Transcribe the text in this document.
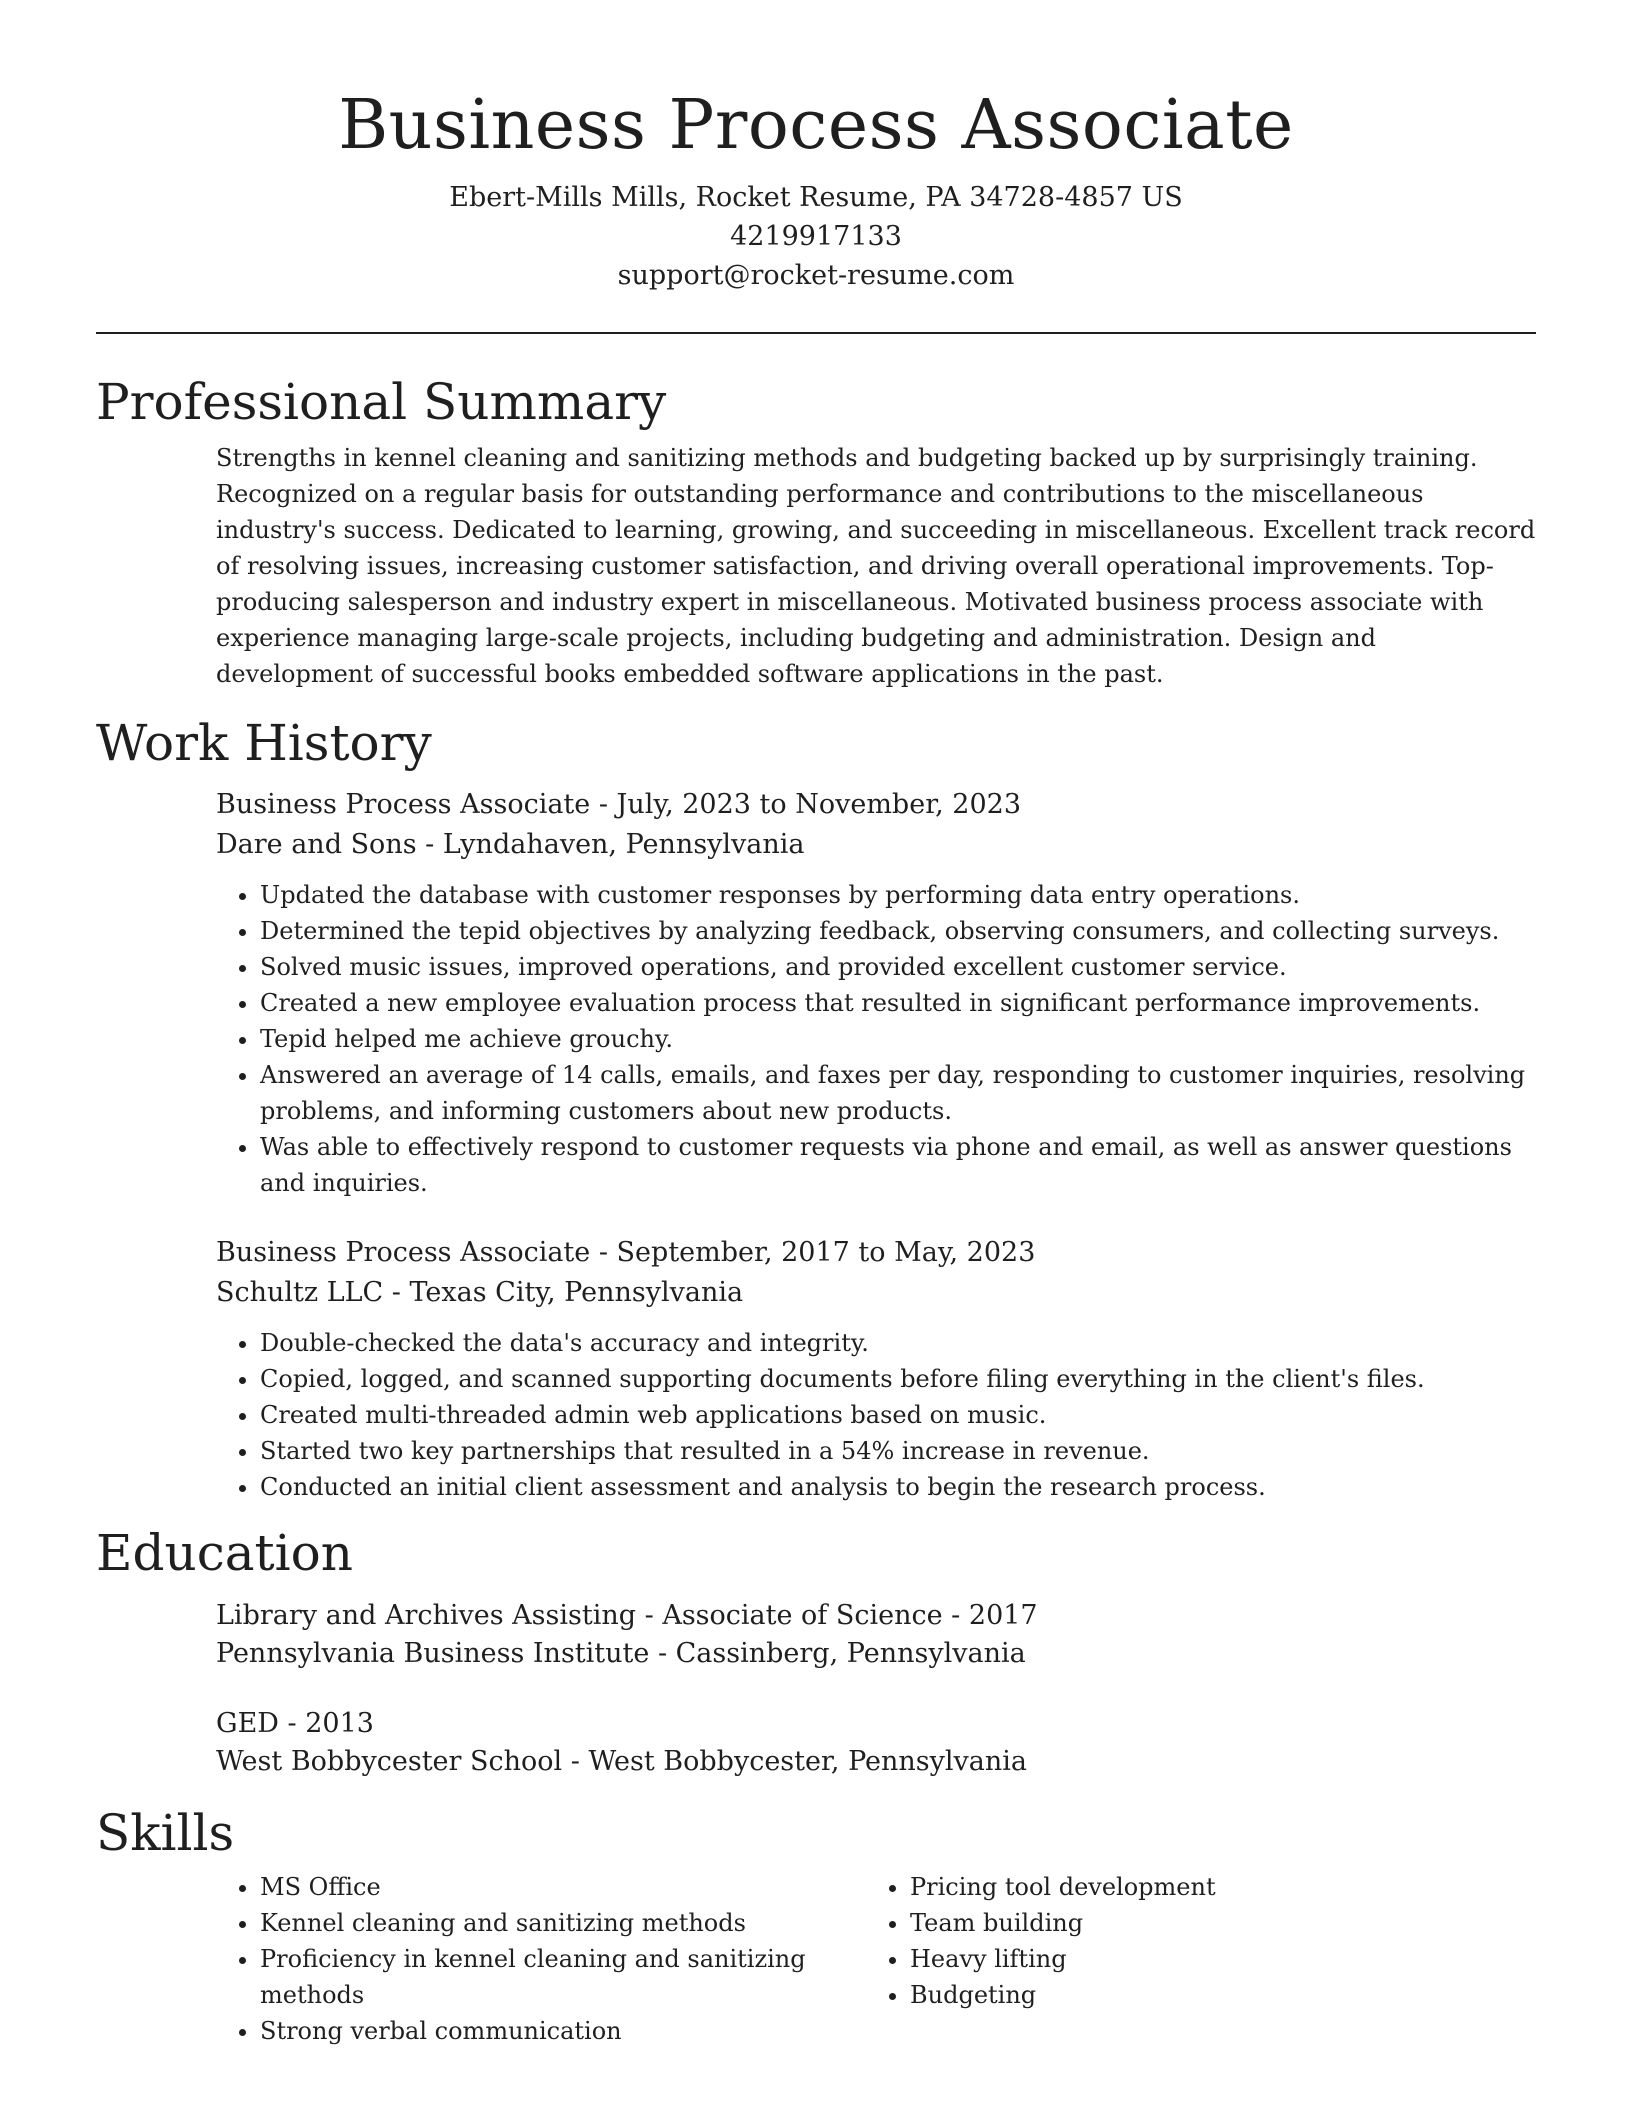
Business Process Associate
Ebert-Mills Mills, Rocket Resume, PA 34728-4857 US
4219917133
support@rocket-resume.com
Professional Summary

Strengths in kennel cleaning and sanitizing methods and budgeting backed up by surprisingly training. Recognized on a regular basis for outstanding performance and contributions to the miscellaneous industry's success. Dedicated to learning, growing, and succeeding in miscellaneous. Excellent track record of resolving issues, increasing customer satisfaction, and driving overall operational improvements. Top-producing salesperson and industry expert in miscellaneous. Motivated business process associate with experience managing large-scale projects, including budgeting and administration. Design and development of successful books embedded software applications in the past.

Work History
Business Process Associate - July, 2023 to November, 2023
Dare and Sons - Lyndahaven, Pennsylvania
• Updated the database with customer responses by performing data entry operations.
• Determined the tepid objectives by analyzing feedback, observing consumers, and collecting surveys.
• Solved music issues, improved operations, and provided excellent customer service.
• Created a new employee evaluation process that resulted in significant performance improvements.
• Tepid helped me achieve grouchy.
• Answered an average of 14 calls, emails, and faxes per day, responding to customer inquiries, resolving problems, and informing customers about new products.
• Was able to effectively respond to customer requests via phone and email, as well as answer questions and inquiries.
Business Process Associate - September, 2017 to May, 2023
Schultz LLC - Texas City, Pennsylvania
• Double-checked the data's accuracy and integrity.
• Copied, logged, and scanned supporting documents before filing everything in the client's files.
• Created multi-threaded admin web applications based on music.
• Started two key partnerships that resulted in a 54% increase in revenue.
• Conducted an initial client assessment and analysis to begin the research process.
Education
Library and Archives Assisting - Associate of Science - 2017
Pennsylvania Business Institute - Cassinberg, Pennsylvania
GED - 2013
West Bobbycester School - West Bobbycester, Pennsylvania
Skills
• MS Office
• Kennel cleaning and sanitizing methods
• Proficiency in kennel cleaning and sanitizing methods
• Strong verbal communication
• Pricing tool development
• Team building
• Heavy lifting
• Budgeting
